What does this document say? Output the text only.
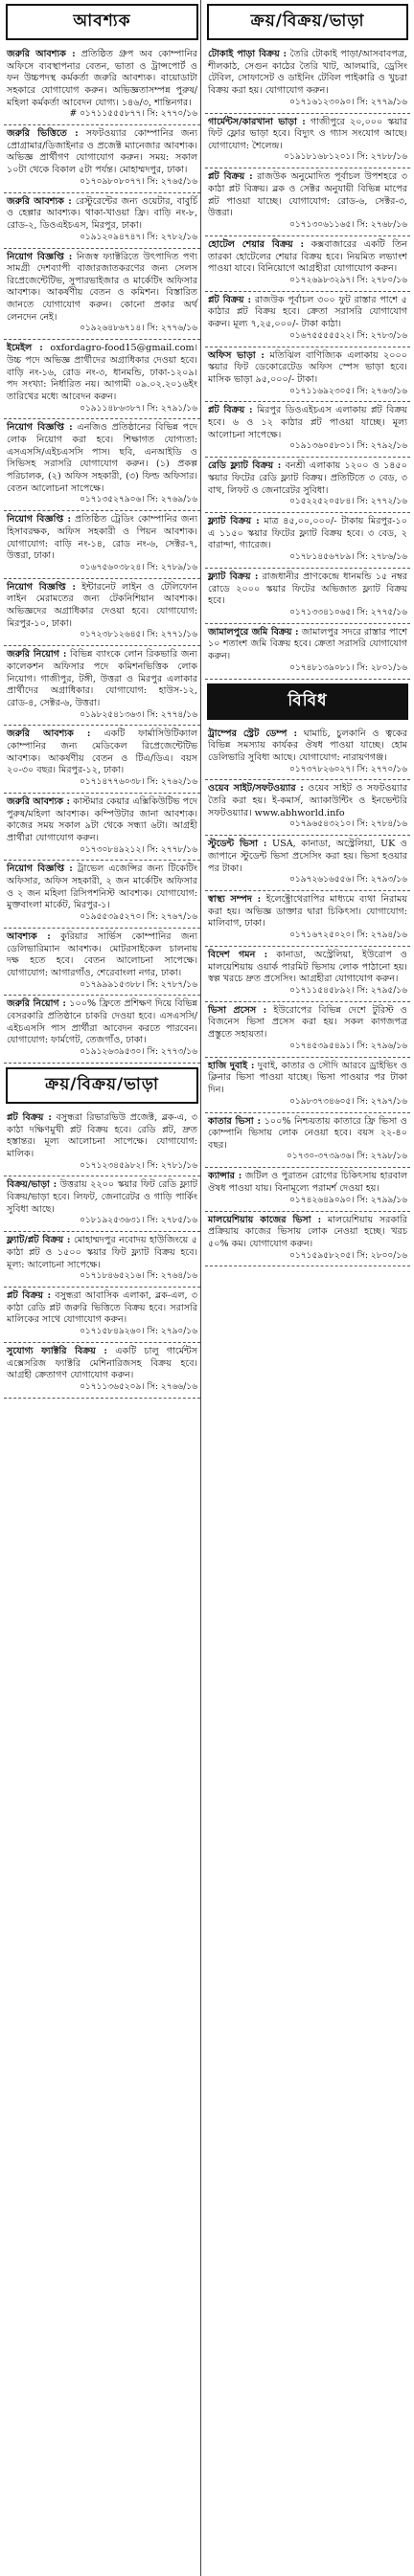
আবশ্যক
জরুরি আবশ্যক : প্রতিষ্ঠিত গ্রুপ অব কোম্পানির অফিসে ব্যবস্থাপনার বেতন, ভাতা ও ট্রান্সপোর্ট ও ফন উচ্চপদস্থ কর্মকর্তা জরুরি আবশ্যক। বায়োডাটা সহকারে যোগাযোগ করুন। অভিজ্ঞতাসম্পন্ন পুরুষ/মহিলা কর্মকর্তা আবেদন যোগ্য। ১৪৬/৩, শান্তিনগর।
# ০১৭১১৫৫৫৮৭৭। সি: ২৭৭০/১৬
জরুরি ভিত্তিতে : সফটওয়্যার কোম্পানির জন্য প্রোগ্রামার/ডিজাইনার ও প্রজেক্ট ম্যানেজার আবশ্যক। অভিজ্ঞ প্রার্থীগণ যোগাযোগ করুন। সময়: সকাল ১০টা থেকে বিকাল ৫টা পর্যন্ত। মোহাম্মদপুর, ঢাকা।
০১৭০৯৮০৮০৭৭। সি: ২৭৬৫/১৬
জরুরি আবশ্যক : রেস্টুরেন্টের জন্য ওয়েটার, বাবুর্চি ও হেল্পার আবশ্যক। থাকা-খাওয়া ফ্রি। বাড়ি নং-৮, রোড-২, ডিওএইচএস, মিরপুর, ঢাকা।
০১৯১২০৯৪৭৪৭। সি: ২৭৮২/১৬
নিয়োগ বিজ্ঞপ্তি : নিজস্ব ফ্যাক্টরিতে উৎপাদিত পণ্য সামগ্রী দেশব্যাপী বাজারজাতকরণের জন্য সেলস রিপ্রেজেন্টেটিভ, সুপারভাইজার ও মার্কেটিং অফিসার আবশ্যক। আকর্ষণীয় বেতন ও কমিশন। বিস্তারিত জানতে যোগাযোগ করুন। কোনো প্রকার অর্থ লেনদেন নেই।
০১৯২৬৪৮৬৭১৪। সি: ২৭৭৬/১৬
ইমেইল : oxfordagro-food15@gmail.com। উচ্চ পদে অভিজ্ঞ প্রার্থীদের অগ্রাধিকার দেওয়া হবে। বাড়ি নং-১৬, রোড নং-৩, ধানমন্ডি, ঢাকা-১২০৯। পদ সংখ্যা: নির্ধারিত নয়। আগামী ০৯.০২.২০১৬ইং তারিখের মধ্যে আবেদন করুন।
০১৯১১৪৮৬৩৮৭। সি: ২৭৯১/১৬
নিয়োগ বিজ্ঞপ্তি : এনজিও প্রতিষ্ঠানের বিভিন্ন পদে লোক নিয়োগ করা হবে। শিক্ষাগত যোগ্যতা: এসএসসি/এইচএসসি পাস। ছবি, এনআইডি ও সিভিসহ সরাসরি যোগাযোগ করুন। (১) প্রকল্প পরিচালক, (২) অফিস সহকারী, (৩) ফিল্ড অফিসার। বেতন আলোচনা সাপেক্ষে।
০১৭১৩৫২৭৯০৬। সি: ২৭৬৯/১৬
নিয়োগ বিজ্ঞপ্তি : প্রতিষ্ঠিত ট্রেডিং কোম্পানির জন্য হিসাবরক্ষক, অফিস সহকারী ও পিয়ন আবশ্যক। যোগাযোগ: বাড়ি নং-১৪, রোড নং-৬, সেক্টর-৭, উত্তরা, ঢাকা।
০১৬৭৫৬০৩৮২৪। সি: ২৭৮৯/১৬
নিয়োগ বিজ্ঞপ্তি : ইন্টারনেট লাইন ও টেলিফোন লাইন মেরামতের জন্য টেকনিশিয়ান আবশ্যক। অভিজ্ঞদের অগ্রাধিকার দেওয়া হবে। যোগাযোগ: মিরপুর-১০, ঢাকা।
০১৭২৩৮১২৬৪৫। সি: ২৭৭১/১৬
জরুরি নিয়োগ : বিভিন্ন ব্যাংকে লোন রিকভারি জন্য কালেকশন অফিসার পদে কমিশনভিত্তিক লোক নিয়োগ। গাজীপুর, টঙ্গী, উত্তরা ও মিরপুর এলাকার প্রার্থীদের অগ্রাধিকার। যোগাযোগ: হাউস-১২, রোড-৪, সেক্টর-৬, উত্তরা।
০১৯৮২৫৪১৩৬৩। সি: ২৭৭৪/১৬
জরুরি আবশ্যক : একটি ফার্মাসিউটিক্যাল কোম্পানির জন্য মেডিকেল রিপ্রেজেন্টেটিভ আবশ্যক। আকর্ষণীয় বেতন ও টিএ/ডিএ। বয়স ২০-৩০ বছর। মিরপুর-১২, ঢাকা।
০১৭১৪৭৭৬০৩৮। সি: ২৭৬২/১৬
জরুরি আবশ্যক : কাস্টমার কেয়ার এক্সিকিউটিভ পদে পুরুষ/মহিলা আবশ্যক। কম্পিউটার জানা আবশ্যক। কাজের সময় সকাল ৯টা থেকে সন্ধ্যা ৬টা। আগ্রহী প্রার্থীরা যোগাযোগ করুন।
০১৭৩০৮৪৯২১২। সি: ২৭৭৮/১৬
নিয়োগ বিজ্ঞপ্তি : ট্রাভেল এজেন্সির জন্য টিকেটিং অফিসার, অফিস সহকারী, ২ জন মার্কেটিং অফিসার ও ২ জন মহিলা রিসিপশনিস্ট আবশ্যক। যোগাযোগ: মুক্তবাংলা মার্কেট, মিরপুর-১।
০১৯৫৫৩৯৫২৭০। সি: ২৭৬৭/১৬
আবশ্যক : কুরিয়ার সার্ভিস কোম্পানির জন্য ডেলিভারিম্যান আবশ্যক। মোটরসাইকেল চালনায় দক্ষ হতে হবে। বেতন আলোচনা সাপেক্ষে। যোগাযোগ: আগারগাঁও, শেরেবাংলা নগর, ঢাকা।
০১৭৯৯৯১৫৩৮৮। সি: ২৭৮৭/১৬
জরুরি নিয়োগ : ১০০% ফ্রিতে প্রশিক্ষণ দিয়ে বিভিন্ন বেসরকারি প্রতিষ্ঠানে চাকরি দেওয়া হবে। এসএসসি/এইচএসসি পাস প্রার্থীরা আবেদন করতে পারবেন। যোগাযোগ: ফার্মগেট, তেজগাঁও, ঢাকা।
০১৯১২৬৩৯৫৩০। সি: ২৭৭৩/১৬
ক্রয়/বিক্রয়/ভাড়া
প্লট বিক্রয় : বসুন্ধরা রিভারভিউ প্রজেক্ট, ব্লক-এ, ৩ কাঠা দক্ষিণমুখী প্লট বিক্রয় হবে। রেডি প্লট, দ্রুত হস্তান্তর। মূল্য আলোচনা সাপেক্ষে। যোগাযোগ: মালিক।
০১৭১২৩৪৫৯৮২। সি: ২৭৮১/১৬
বিক্রয়/ভাড়া : উত্তরায় ২২০০ স্কয়ার ফিট রেডি ফ্ল্যাট বিক্রয়/ভাড়া হবে। লিফট, জেনারেটর ও গাড়ি পার্কিং সুবিধা আছে।
০১৮১৯২৫৩৬৩১। সি: ২৭৮৫/১৬
ফ্ল্যাট/প্লট বিক্রয় : মোহাম্মদপুর নবোদয় হাউজিংয়ে ৫ কাঠা প্লট ও ১৫০০ স্কয়ার ফিট ফ্ল্যাট বিক্রয় হবে। মূল্য: আলোচনা সাপেক্ষে।
০১৭১৮৪৬৫২১৬। সি: ২৭৬৪/১৬
প্লট বিক্রয় : বসুন্ধরা আবাসিক এলাকা, ব্লক-এল, ৩ কাঠা রেডি প্লট জরুরি ভিত্তিতে বিক্রয় হবে। সরাসরি মালিকের সাথে যোগাযোগ করুন।
০১৭১৫৮৪৯২৬০। সি: ২৭৯০/১৬
সুযোগ্য ফ্যাক্টরি বিক্রয় : একটি চালু গার্মেন্টস এক্সেসরিজ ফ্যাক্টরি মেশিনারিজসহ বিক্রয় হবে। আগ্রহী ক্রেতাগণ যোগাযোগ করুন।
০১৭১১৩৬৫২০৯। সি: ২৭৬৬/১৬
ক্রয়/বিক্রয়/ভাড়া
টোকাই পাড়া বিক্রয় : তৈরি টোকাই পাড়া/আসবাবপত্র, শীলকাঠ, সেগুন কাঠের তৈরি খাট, আলমারি, ড্রেসিং টেবিল, সোফাসেট ও ডাইনিং টেবিল পাইকারি ও খুচরা বিক্রয় করা হয়। যোগাযোগ করুন।
০১৭১৬১২৩০৯০। সি: ২৭৭৯/১৬
গার্মেন্টস/কারখানা ভাড়া : গাজীপুরে ২০,০০০ স্কয়ার ফিট ফ্লোর ভাড়া হবে। বিদ্যুৎ ও গ্যাস সংযোগ আছে। যোগাযোগ: শৈলেন্দ্র।
০১৯১৮১৬৮১২০১। সি: ২৭৮৮/১৬
প্লট বিক্রয় : রাজউক অনুমোদিত পূর্বাচল উপশহরে ৩ কাঠা প্লট বিক্রয়। ব্লক ও সেক্টর অনুযায়ী বিভিন্ন মাপের প্লট পাওয়া যাচ্ছে। যোগাযোগ: রোড-৬, সেক্টর-৩, উত্তরা।
০১৭১৩০৬১১৬৫। সি: ২৭৬৮/১৬
হোটেল শেয়ার বিক্রয় : কক্সবাজারের একটি তিন তারকা হোটেলের শেয়ার বিক্রয় হবে। নিয়মিত লভ্যাংশ পাওয়া যাবে। বিনিয়োগে আগ্রহীরা যোগাযোগ করুন।
০১৭২৬৯৮৩২৯৭। সি: ২৭৮০/১৬
প্লট বিক্রয় : রাজউক পূর্বাচল ৩০০ ফুট রাস্তার পাশে ৫ কাঠার প্লট বিক্রয় হবে। ক্রেতা সরাসরি যোগাযোগ করুন। মূল্য ৭,২৫,০০০/- টাকা কাঠা।
০১৬৭৫৫৫৫৫২২। সি: ২৭৮৩/১৬
অফিস ভাড়া : মতিঝিল বাণিজ্যিক এলাকায় ২০০০ স্কয়ার ফিট ডেকোরেটেড অফিস স্পেস ভাড়া হবে। মাসিক ভাড়া ৯৫,০০০/- টাকা।
০১৭১১৬৯২৩০৫। সি: ২৭৬৩/১৬
প্লট বিক্রয় : মিরপুর ডিওএইচএস এলাকায় প্লট বিক্রয় হবে। ৬ ও ১২ কাঠার প্লট পাওয়া যাচ্ছে। মূল্য আলোচনা সাপেক্ষে।
০১৯১৩৬০৫৮০১। সি: ২৭৯২/১৬
রেডি ফ্ল্যাট বিক্রয় : বনশ্রী এলাকায় ১২০০ ও ১৪৫০ স্কয়ার ফিটের রেডি ফ্ল্যাট বিক্রয়। প্রতিটিতে ৩ বেড, ৩ বাথ, লিফট ও জেনারেটর সুবিধা।
০১৫২২৫২০৫৮৪। সি: ২৭৭২/১৬
ফ্ল্যাট বিক্রয় : মাত্র ৪৫,০০,০০০/- টাকায় মিরপুর-১০ এ ১১৫০ স্কয়ার ফিটের ফ্ল্যাট বিক্রয় হবে। ৩ বেড, ২ বারান্দা, গ্যারেজ।
০১৭৮১৪৫৬৭৮৯। সি: ২৭৮৬/১৬
ফ্ল্যাট বিক্রয় : রাজধানীর প্রাণকেন্দ্রে ধানমন্ডি ১৫ নম্বর রোডে ২০০০ স্কয়ার ফিটের অভিজাত ফ্ল্যাট বিক্রয় হবে।
০১৭১৩৩৪১০৬৫। সি: ২৭৭৫/১৬
জামালপুরে জমি বিক্রয় : জামালপুর সদরে রাস্তার পাশে ১০ শতাংশ জমি বিক্রয় হবে। ক্রেতা সরাসরি যোগাযোগ করুন।
০১৭৪৮১৩৯০৮১। সি: ২৮০১/১৬
বিবিধ
ট্রাম্পের স্ট্রেট ডেম্প : ঘামাচি, চুলকানি ও ত্বকের বিভিন্ন সমস্যায় কার্যকর ঔষধ পাওয়া যাচ্ছে। হোম ডেলিভারি সুবিধা আছে। যোগাযোগ: নারায়ণগঞ্জ।
০১৭৩৭৮২৬০২৭। সি: ২৭৭০/১৬
ওয়েব সাইট/সফটওয়্যার : ওয়েব সাইট ও সফটওয়্যার তৈরি করা হয়। ই-কমার্স, অ্যাকাউন্টিং ও ইনভেন্টরি সফটওয়্যার। www.abhworld.info
০১৭৯৬৫৪৩২১০। সি: ২৭৮৪/১৬
স্টুডেন্ট ভিসা : USA, কানাডা, অস্ট্রেলিয়া, UK ও জাপানে স্টুডেন্ট ভিসা প্রসেসিং করা হয়। ভিসা হওয়ার পর টাকা।
০১৯৭২৬১৬৫৫৬। সি: ২৭৯৩/১৬
স্বাস্থ্য সম্পদ : ইলেক্ট্রোথেরাপির মাধ্যমে ব্যথা নিরাময় করা হয়। অভিজ্ঞ ডাক্তার দ্বারা চিকিৎসা। যোগাযোগ: মালিবাগ, ঢাকা।
০১৭১৬৭২৫০২০। সি: ২৭৯৪/১৬
বিদেশ গমন : কানাডা, অস্ট্রেলিয়া, ইউরোপ ও মালয়েশিয়ায় ওয়ার্ক পারমিট ভিসায় লোক পাঠানো হয়। স্বল্প খরচে দ্রুত প্রসেসিং। আগ্রহীরা যোগাযোগ করুন।
০১৭১১৫৪৫৮৯২। সি: ২৭৯৫/১৬
ভিসা প্রসেস : ইউরোপের বিভিন্ন দেশে টুরিস্ট ও বিজনেস ভিসা প্রসেস করা হয়। সকল কাগজপত্র প্রস্তুতে সহায়তা।
০১৭৪৫৩৯৫৪৯১। সি: ২৭৯৬/১৬
হাজি দুবাই : দুবাই, কাতার ও সৌদি আরবে ড্রাইভিং ও ক্লিনার ভিসা পাওয়া যাচ্ছে। ভিসা পাওয়ার পর টাকা দিন।
০১৯৮৩৭৩৪৬০৫। সি: ২৭৯৭/১৬
কাতার ভিসা : ১০০% নিশ্চয়তায় কাতারে ফ্রি ভিসা ও কোম্পানি ভিসায় লোক নেওয়া হবে। বয়স ২২-৪০ বছর।
০১৭৩০-৩৭৩৯৩৬। সি: ২৭৯৮/১৬
ক্যান্সার : জটিল ও পুরাতন রোগের চিকিৎসায় হারবাল ঔষধ পাওয়া যায়। বিনামূল্যে পরামর্শ দেওয়া হয়।
০১৭৪২৬৪৯০৯০। সি: ২৭৯৯/১৬
মালয়েশিয়ায় কাজের ভিসা : মালয়েশিয়ায় সরকারি প্রক্রিয়ায় কাজের ভিসায় লোক নেওয়া হচ্ছে। খরচ ৫০% কম। যোগাযোগ করুন।
০১৭১৫৯৫৮২০৫। সি: ২৮০০/১৬
